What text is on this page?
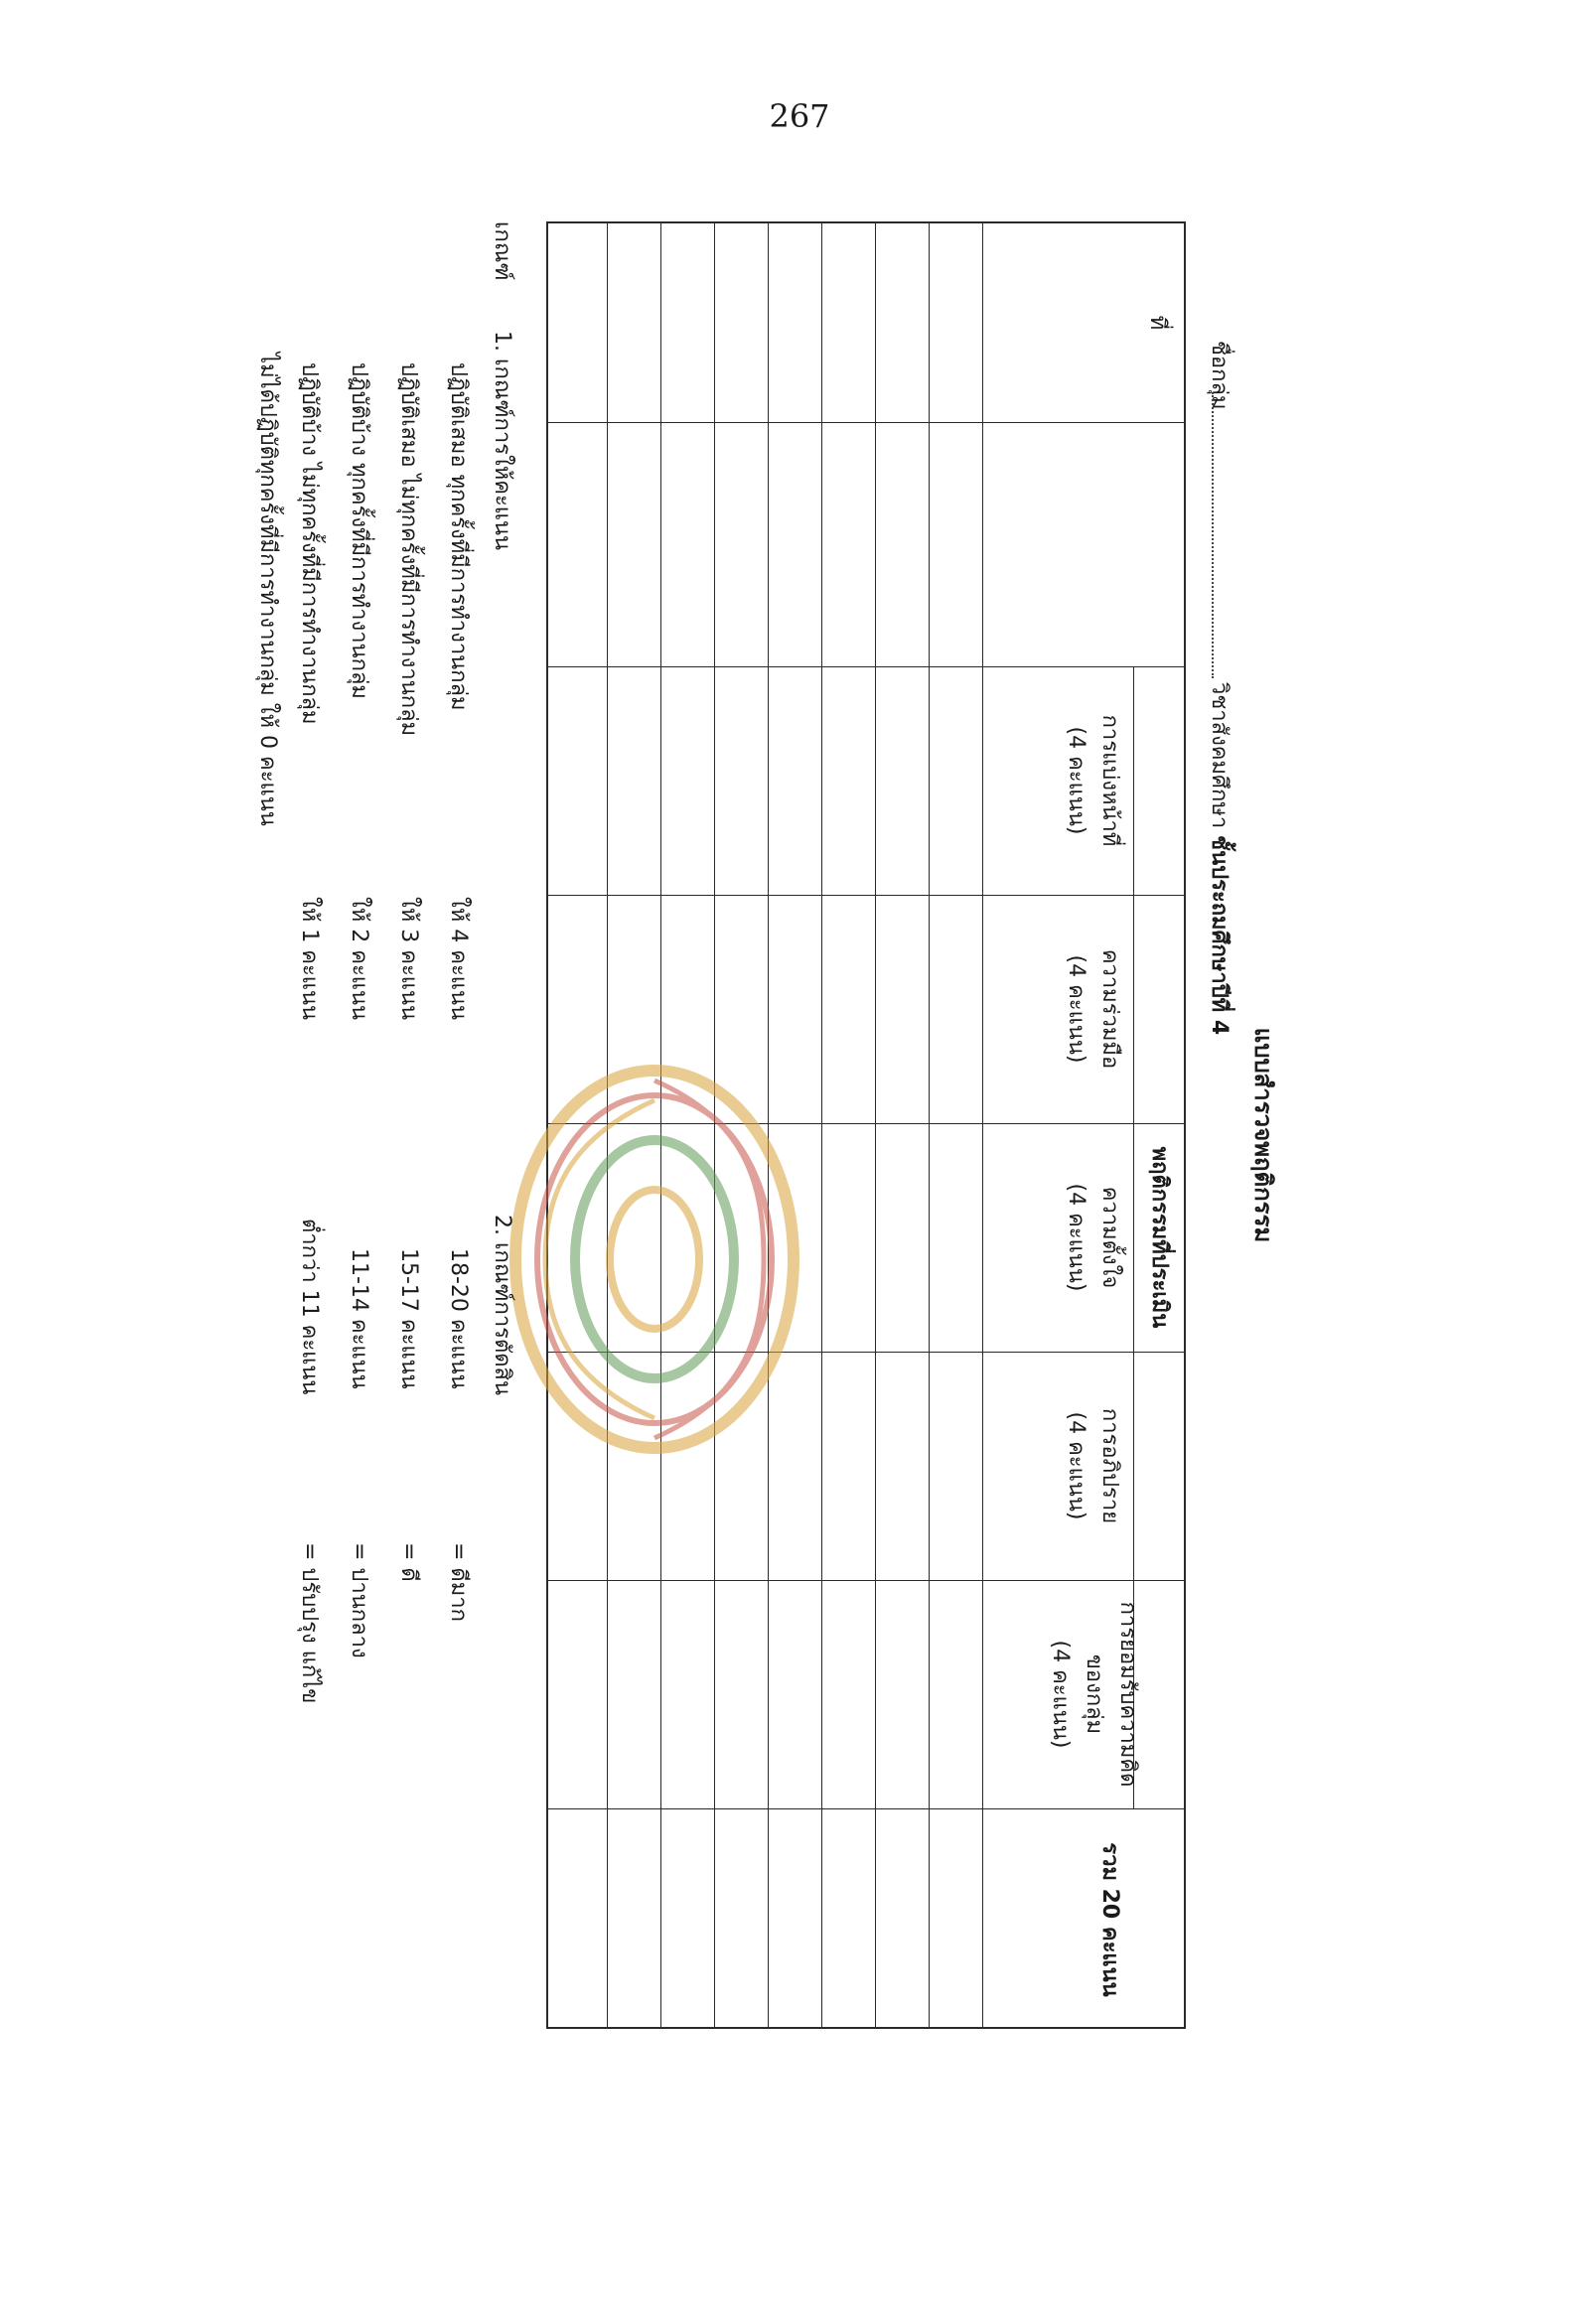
267
แบบสำรวจพฤติกรรม
ชื่อกลุ่ม
วิชาสังคมศึกษา ชั้นประถมศึกษาปีที่ 4
ที่
พฤติกรรมที่ประเมิน
การแบ่งหน้าที่
(4 คะแนน)
ความร่วมมือ
(4 คะแนน)
ความตั้งใจ
(4 คะแนน)
การอภิปราย
(4 คะแนน)
การยอมรับความคิด
ของกลุ่ม
(4 คะแนน)
รวม 20 คะแนน
เกณฑ์
1. เกณฑ์การให้คะแนน
ปฏิบัติเสมอ ทุกครั้งที่มีการทำงานกลุ่ม
ให้ 4 คะแนน
ปฏิบัติเสมอ ไม่ทุกครั้งที่มีการทำงานกลุ่ม
ให้ 3 คะแนน
ปฏิบัติบ้าง ทุกครั้งที่มีการทำงานกลุ่ม
ให้ 2 คะแนน
ปฏิบัติบ้าง ไม่ทุกครั้งที่มีการทำงานกลุ่ม
ให้ 1 คะแนน
ไม่ได้ปฏิบัติทุกครั้งที่มีการทำงานกลุ่ม ให้ 0 คะแนน
2. เกณฑ์การตัดสิน
18-20 คะแนน
= ดีมาก
15-17 คะแนน
= ดี
11-14 คะแนน
= ปานกลาง
ต่ำกว่า 11 คะแนน
= ปรับปรุง แก้ไข
